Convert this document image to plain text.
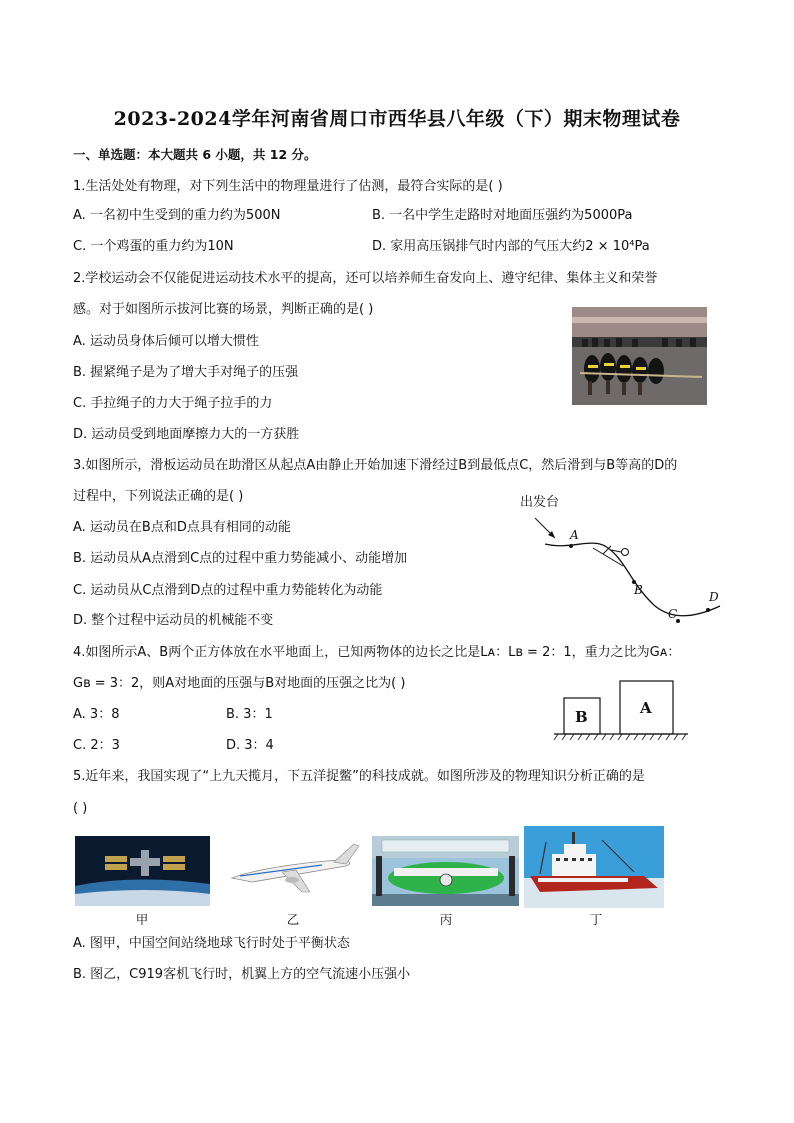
2023-2024学年河南省周口市西华县八年级（下）期末物理试卷
一、单选题：本大题共 6 小题，共 12 分。
1.生活处处有物理，对下列生活中的物理量进行了估测，最符合实际的是( )
A. 一名初中生受到的重力约为500N	B. 一名中学生走路时对地面压强约为5000Pa
C. 一个鸡蛋的重力约为10N	D. 家用高压锅排气时内部的气压大约2 × 10⁴Pa
2.学校运动会不仅能促进运动技术水平的提高，还可以培养师生奋发向上、遵守纪律、集体主义和荣誉
感。对于如图所示拔河比赛的场景，判断正确的是( )
A. 运动员身体后倾可以增大惯性
B. 握紧绳子是为了增大手对绳子的压强
C. 手拉绳子的力大于绳子拉手的力
D. 运动员受到地面摩擦力大的一方获胜
3.如图所示，滑板运动员在助滑区从起点A由静止开始加速下滑经过B到最低点C，然后滑到与B等高的D的
过程中，下列说法正确的是( )
A. 运动员在B点和D点具有相同的动能
B. 运动员从A点滑到C点的过程中重力势能减小、动能增加
C. 运动员从C点滑到D点的过程中重力势能转化为动能
D. 整个过程中运动员的机械能不变
出发台
A
B
C
D
4.如图所示A、B两个正方体放在水平地面上，已知两物体的边长之比是Lᴀ：Lʙ = 2：1，重力之比为Gᴀ：
Gʙ = 3：2，则A对地面的压强与B对地面的压强之比为( )
A. 3：8	B. 3：1
C. 2：3	D. 3：4
B	A
5.近年来，我国实现了“上九天揽月，下五洋捉鳖”的科技成就。如图所涉及的物理知识分析正确的是
( )
甲	乙	丙	丁
A. 图甲，中国空间站绕地球飞行时处于平衡状态
B. 图乙，C919客机飞行时，机翼上方的空气流速小压强小
